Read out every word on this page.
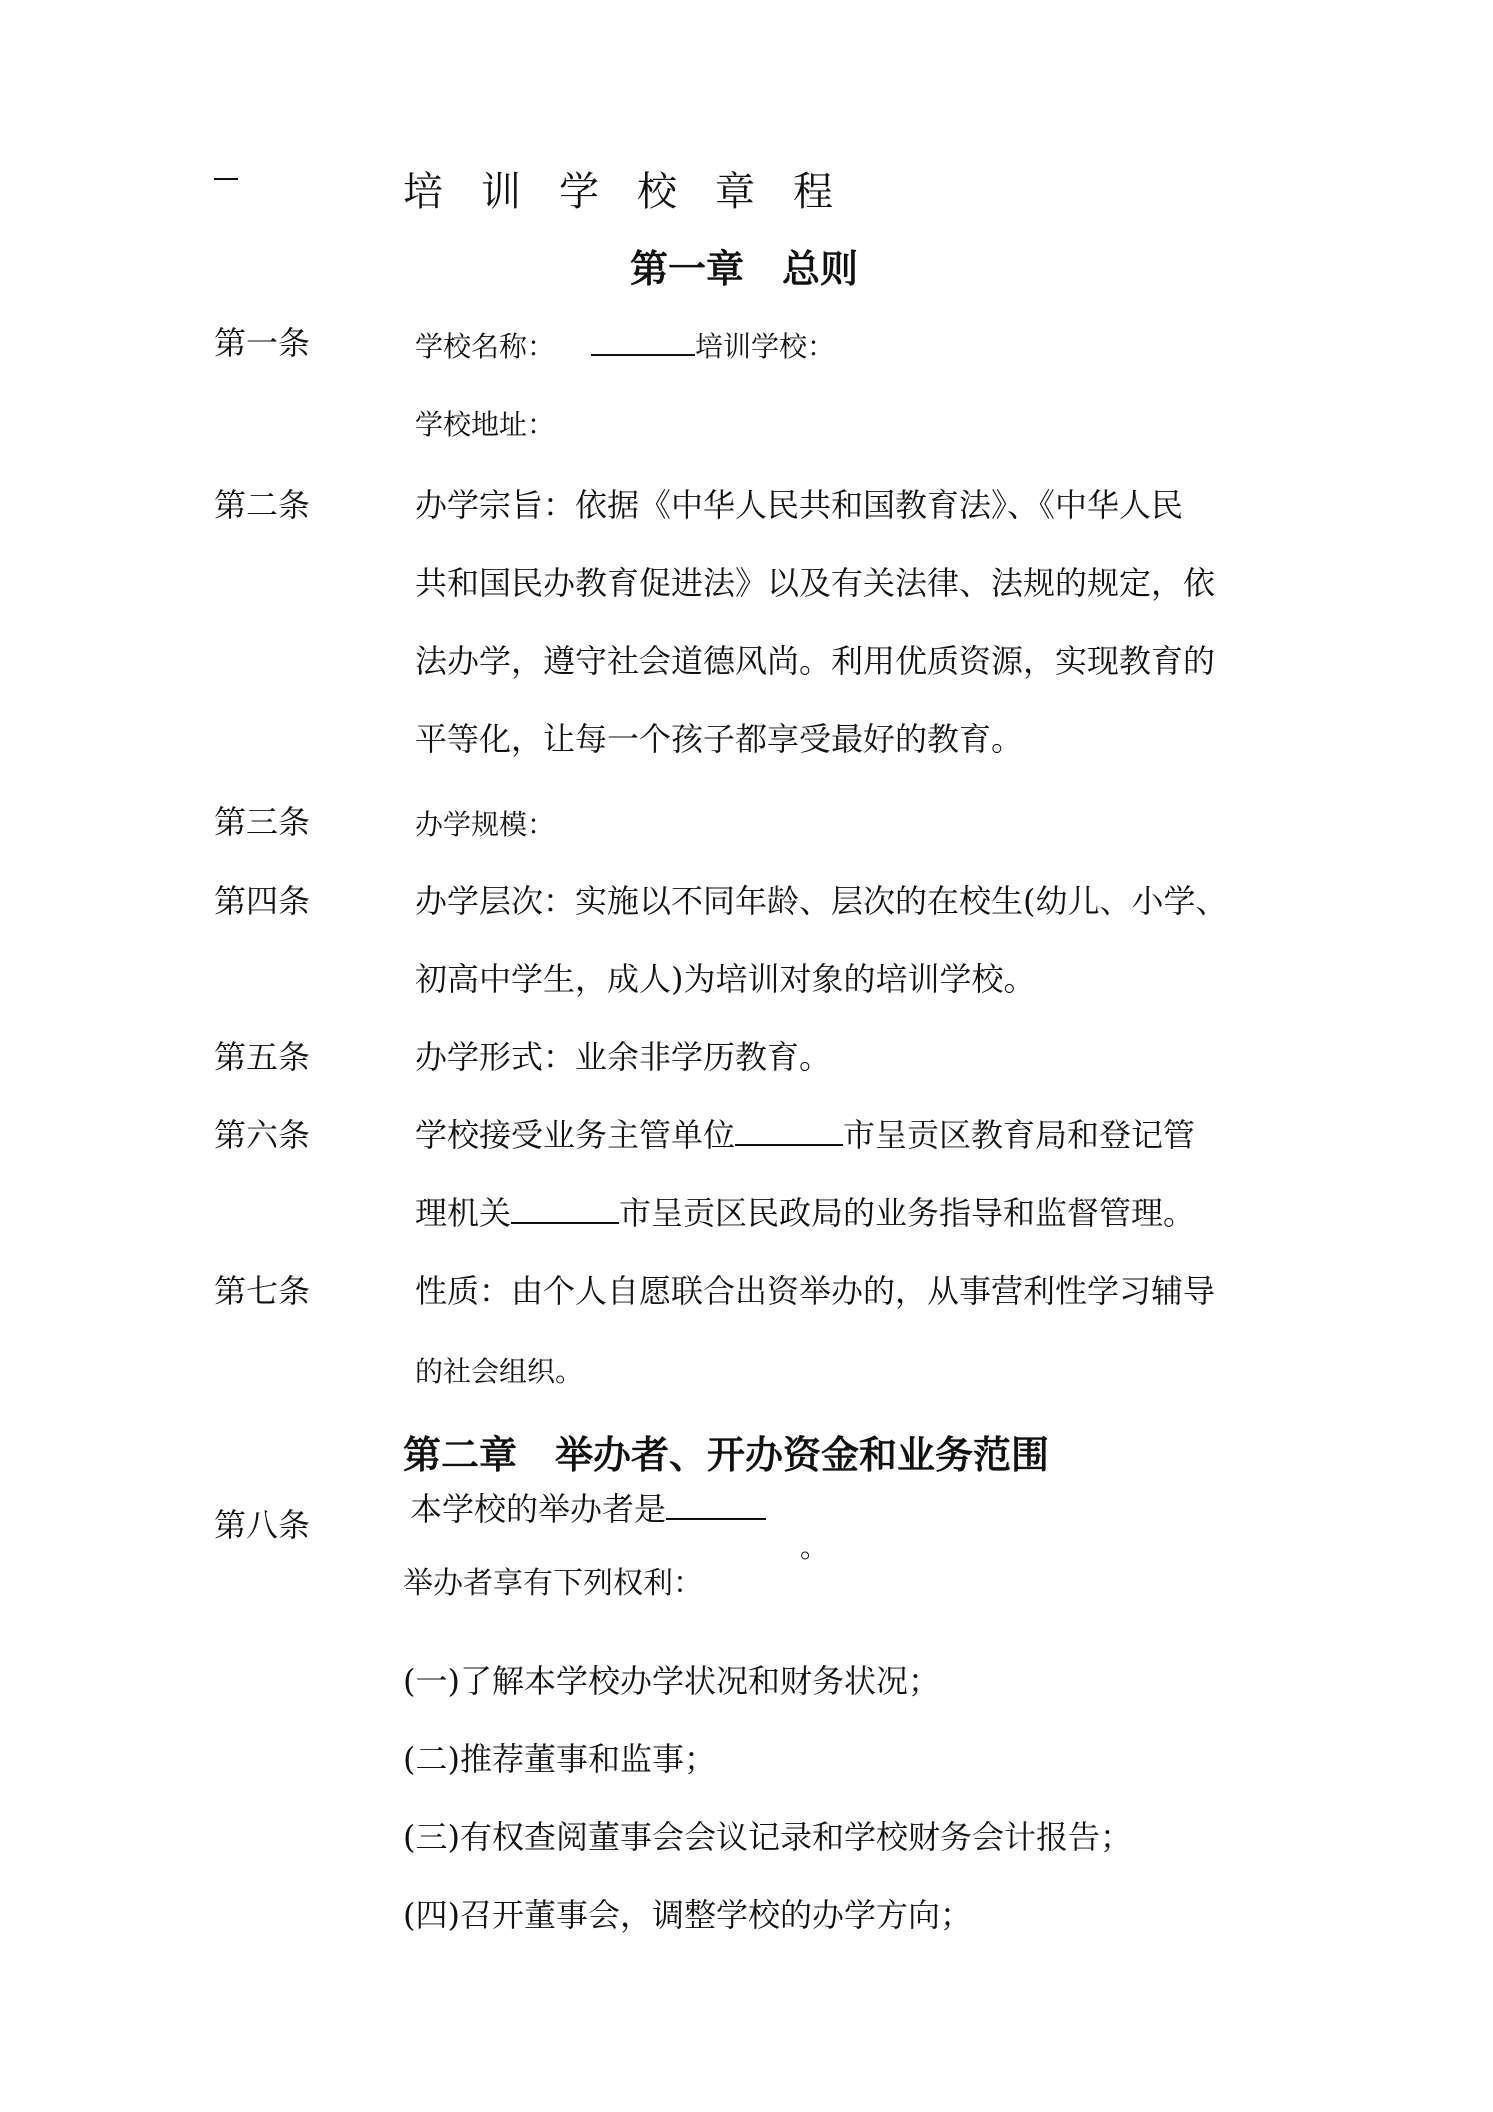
培训学校章程
第一章　总则
第一条	学校名称：	培训学校：
学校地址：
第二条	办学宗旨：依据《中华人民共和国教育法》、《中华人民
共和国民办教育促进法》以及有关法律、法规的规定，依
法办学，遵守社会道德风尚。利用优质资源，实现教育的
平等化，让每一个孩子都享受最好的教育。
第三条	办学规模：
第四条	办学层次：实施以不同年龄、层次的在校生(幼儿、小学、
初高中学生，成人)为培训对象的培训学校。
第五条	办学形式：业余非学历教育。
第六条	学校接受业务主管单位	市呈贡区教育局和登记管
理机关	市呈贡区民政局的业务指导和监督管理。
第七条	性质：由个人自愿联合出资举办的，从事营利性学习辅导
的社会组织。
第二章　举办者、开办资金和业务范围
第八条	本学校的举办者是
。
举办者享有下列权利：
(一)了解本学校办学状况和财务状况；
(二)推荐董事和监事；
(三)有权查阅董事会会议记录和学校财务会计报告；
(四)召开董事会，调整学校的办学方向；
